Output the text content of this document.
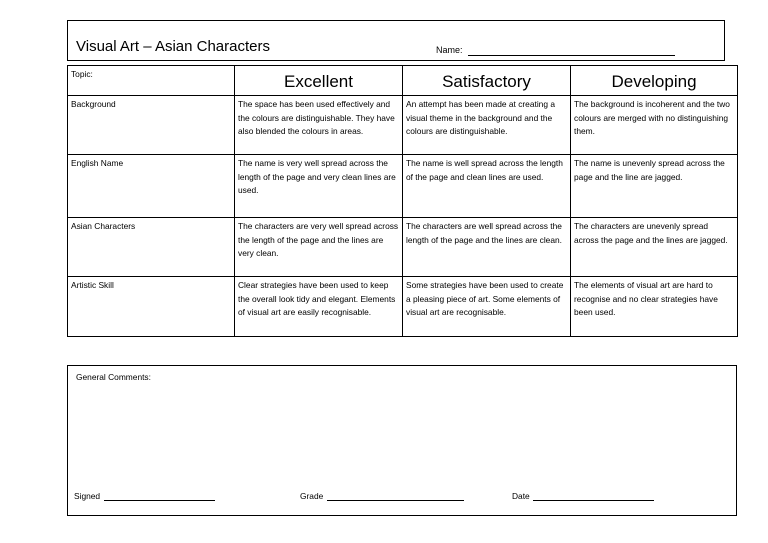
Visual Art – Asian Characters	Name:
Topic:	Excellent	Satisfactory	Developing
Background	The space has been used effectively and the colours are distinguishable. They have also blended the colours in areas.	An attempt has been made at creating a visual theme in the background and the colours are distinguishable.	The background is incoherent and the two colours are merged with no distinguishing them.
English Name	The name is very well spread across the length of the page and very clean lines are used.	The name is well spread across the length of the page and clean lines are used.	The name is unevenly spread across the page and the line are jagged.
Asian Characters	The characters are very well spread across the length of the page and the lines are very clean.	The characters are well spread across the length of the page and the lines are clean.	The characters are unevenly spread across the page and the lines are jagged.
Artistic Skill	Clear strategies have been used to keep the overall look tidy and elegant. Elements of visual art are easily recognisable.	Some strategies have been used to create a pleasing piece of art. Some elements of visual art are recognisable.	The elements of visual art are hard to recognise and no clear strategies have been used.
General Comments:
Signed	Grade	Date
